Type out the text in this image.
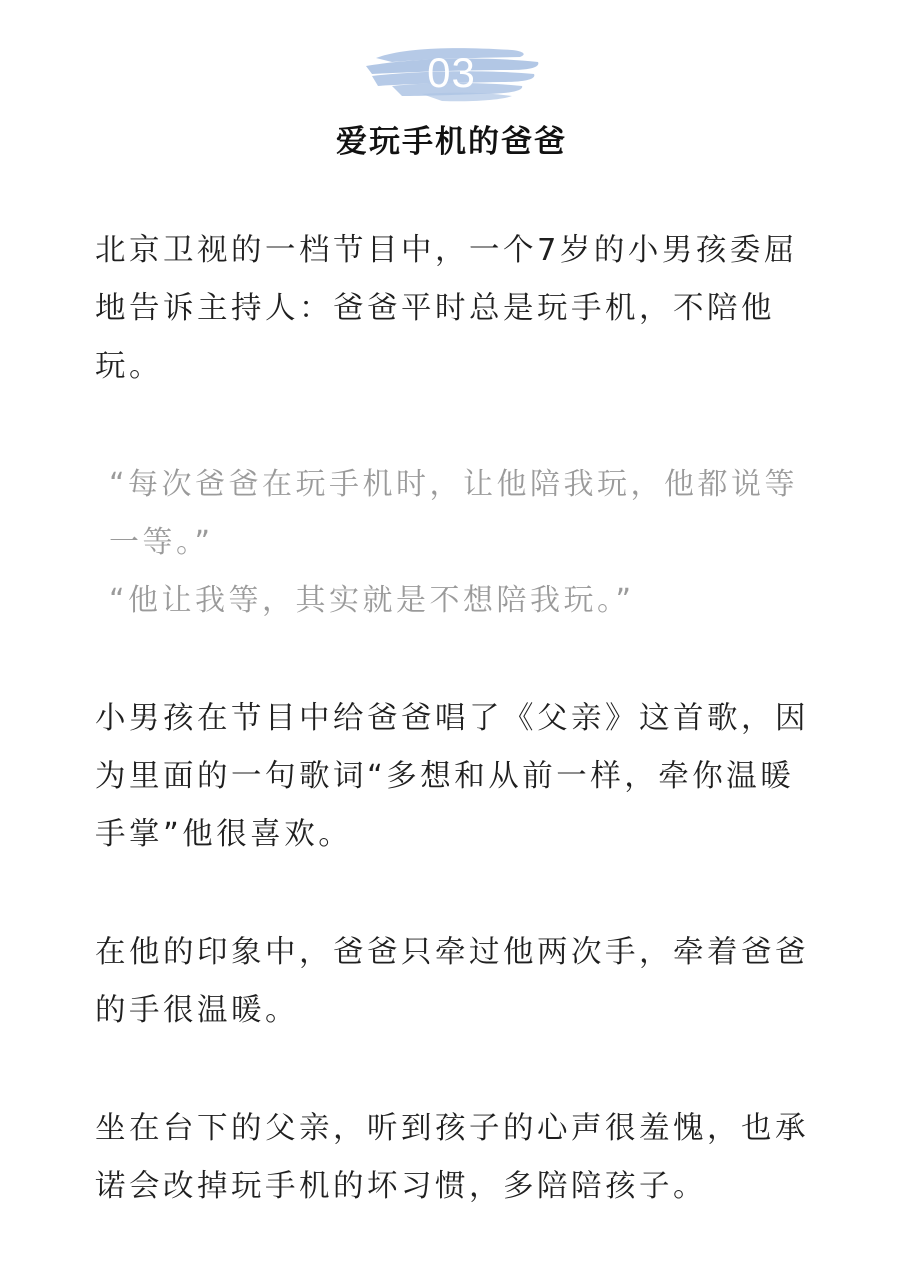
03
爱玩手机的爸爸

北京卫视的一档节目中，一个7岁的小男孩委屈地告诉主持人：爸爸平时总是玩手机，不陪他玩。

“每次爸爸在玩手机时，让他陪我玩，他都说等一等。”
“他让我等，其实就是不想陪我玩。”

小男孩在节目中给爸爸唱了《父亲》这首歌，因为里面的一句歌词“多想和从前一样，牵你温暖手掌”他很喜欢。

在他的印象中，爸爸只牵过他两次手，牵着爸爸的手很温暖。

坐在台下的父亲，听到孩子的心声很羞愧，也承诺会改掉玩手机的坏习惯，多陪陪孩子。
